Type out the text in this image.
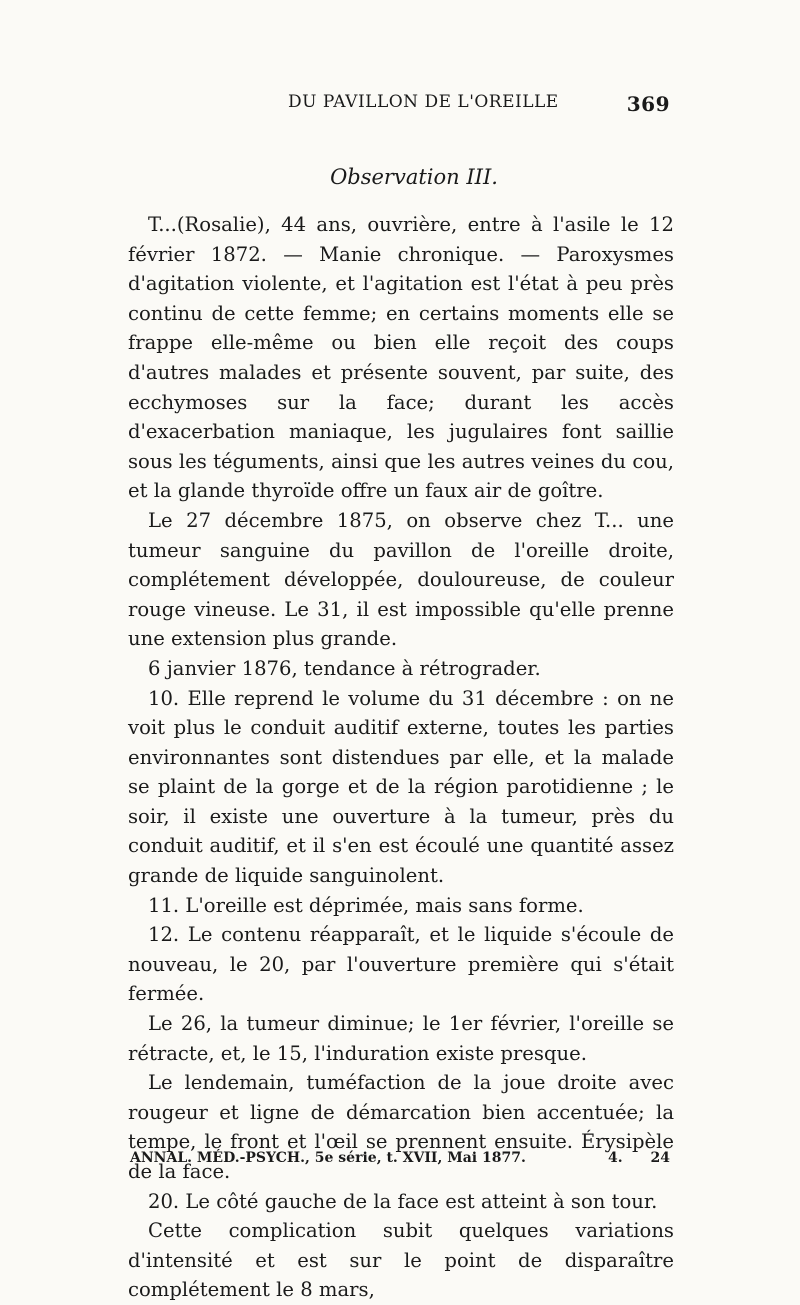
DU PAVILLON DE L'OREILLE	369
Observation III.

T...(Rosalie), 44 ans, ouvrière, entre à l'asile le 12 février 1872. — Manie chronique. — Paroxysmes d'agitation violente, et l'agitation est l'état à peu près continu de cette femme; en certains moments elle se frappe elle-même ou bien elle reçoit des coups d'autres malades et présente souvent, par suite, des ecchymoses sur la face; durant les accès d'exacerbation maniaque, les jugulaires font saillie sous les téguments, ainsi que les autres veines du cou, et la glande thyroïde offre un faux air de goître.

Le 27 décembre 1875, on observe chez T... une tumeur sanguine du pavillon de l'oreille droite, complétement développée, douloureuse, de couleur rouge vineuse. Le 31, il est impossible qu'elle prenne une extension plus grande.

6 janvier 1876, tendance à rétrograder.

10. Elle reprend le volume du 31 décembre : on ne voit plus le conduit auditif externe, toutes les parties environnantes sont distendues par elle, et la malade se plaint de la gorge et de la région parotidienne ; le soir, il existe une ouverture à la tumeur, près du conduit auditif, et il s'en est écoulé une quantité assez grande de liquide sanguinolent.

11. L'oreille est déprimée, mais sans forme.

12. Le contenu réapparaît, et le liquide s'écoule de nouveau, le 20, par l'ouverture première qui s'était fermée.

Le 26, la tumeur diminue; le 1er février, l'oreille se rétracte, et, le 15, l'induration existe presque.

Le lendemain, tuméfaction de la joue droite avec rougeur et ligne de démarcation bien accentuée; la tempe, le front et l'œil se prennent ensuite. Érysipèle de la face.

20. Le côté gauche de la face est atteint à son tour.

Cette complication subit quelques variations d'intensité et est sur le point de disparaître complétement le 8 mars,

ANNAL. MÉD.-PSYCH., 5e série, t. XVII, Mai 1877.	4. 24
